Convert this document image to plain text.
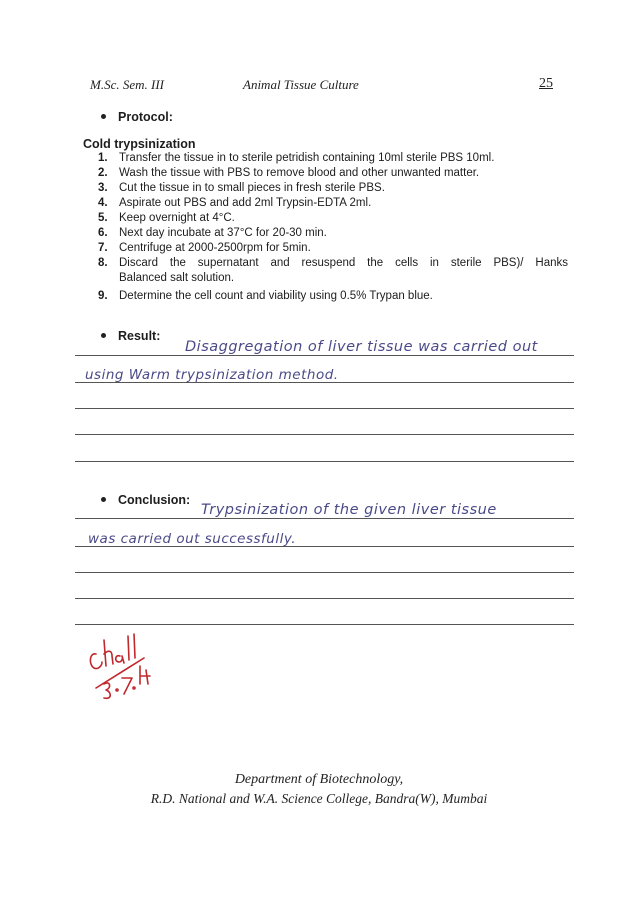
M.Sc. Sem. III	Animal Tissue Culture	25
Protocol:
Cold trypsinization
1. Transfer the tissue in to sterile petridish containing 10ml sterile PBS 10ml.
2. Wash the tissue with PBS to remove blood and other unwanted matter.
3. Cut the tissue in to small pieces in fresh sterile PBS.
4. Aspirate out PBS and add 2ml Trypsin-EDTA 2ml.
5. Keep overnight at 4°C.
6. Next day incubate at 37°C for 20-30 min.
7. Centrifuge at 2000-2500rpm for 5min.
8. Discard the supernatant and resuspend the cells in sterile PBS)/ Hanks
Balanced salt solution.
9. Determine the cell count and viability using 0.5% Trypan blue.
Result:
Disaggregation of liver tissue was carried out
using Warm trypsinization method.
Conclusion:
Trypsinization of the given liver tissue
was carried out successfully.
Department of Biotechnology,
R.D. National and W.A. Science College, Bandra(W), Mumbai
